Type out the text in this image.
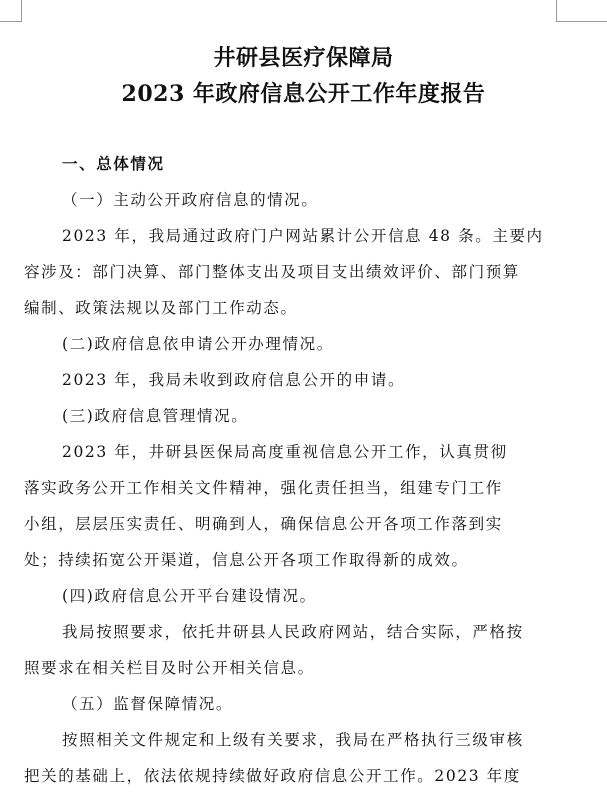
井研县医疗保障局
2023 年政府信息公开工作年度报告
一、总体情况
（一）主动公开政府信息的情况。
2023 年，我局通过政府门户网站累计公开信息 48 条。主要内
容涉及：部门决算、部门整体支出及项目支出绩效评价、部门预算
编制、政策法规以及部门工作动态。
(二)政府信息依申请公开办理情况。
2023 年，我局未收到政府信息公开的申请。
(三)政府信息管理情况。
2023 年，井研县医保局高度重视信息公开工作，认真贯彻
落实政务公开工作相关文件精神，强化责任担当，组建专门工作
小组，层层压实责任、明确到人，确保信息公开各项工作落到实
处；持续拓宽公开渠道，信息公开各项工作取得新的成效。
(四)政府信息公开平台建设情况。
我局按照要求，依托井研县人民政府网站，结合实际，严格按
照要求在相关栏目及时公开相关信息。
（五）监督保障情况。
按照相关文件规定和上级有关要求，我局在严格执行三级审核
把关的基础上，依法依规持续做好政府信息公开工作。2023 年度
